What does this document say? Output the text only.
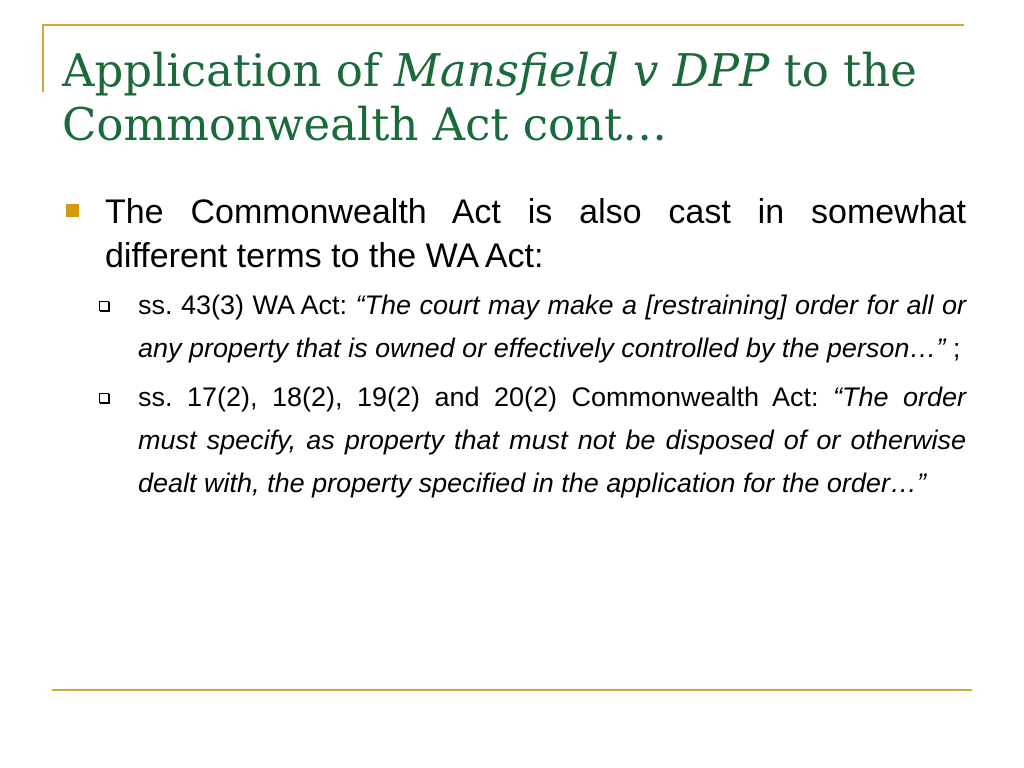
Application of Mansfield v DPP to the Commonwealth Act cont…
The Commonwealth Act is also cast in somewhat different terms to the WA Act:
ss. 43(3) WA Act: “The court may make a [restraining] order for all or any property that is owned or effectively controlled by the person…” ;
ss. 17(2), 18(2), 19(2) and 20(2) Commonwealth Act: “The order must specify, as property that must not be disposed of or otherwise dealt with, the property specified in the application for the order…”
